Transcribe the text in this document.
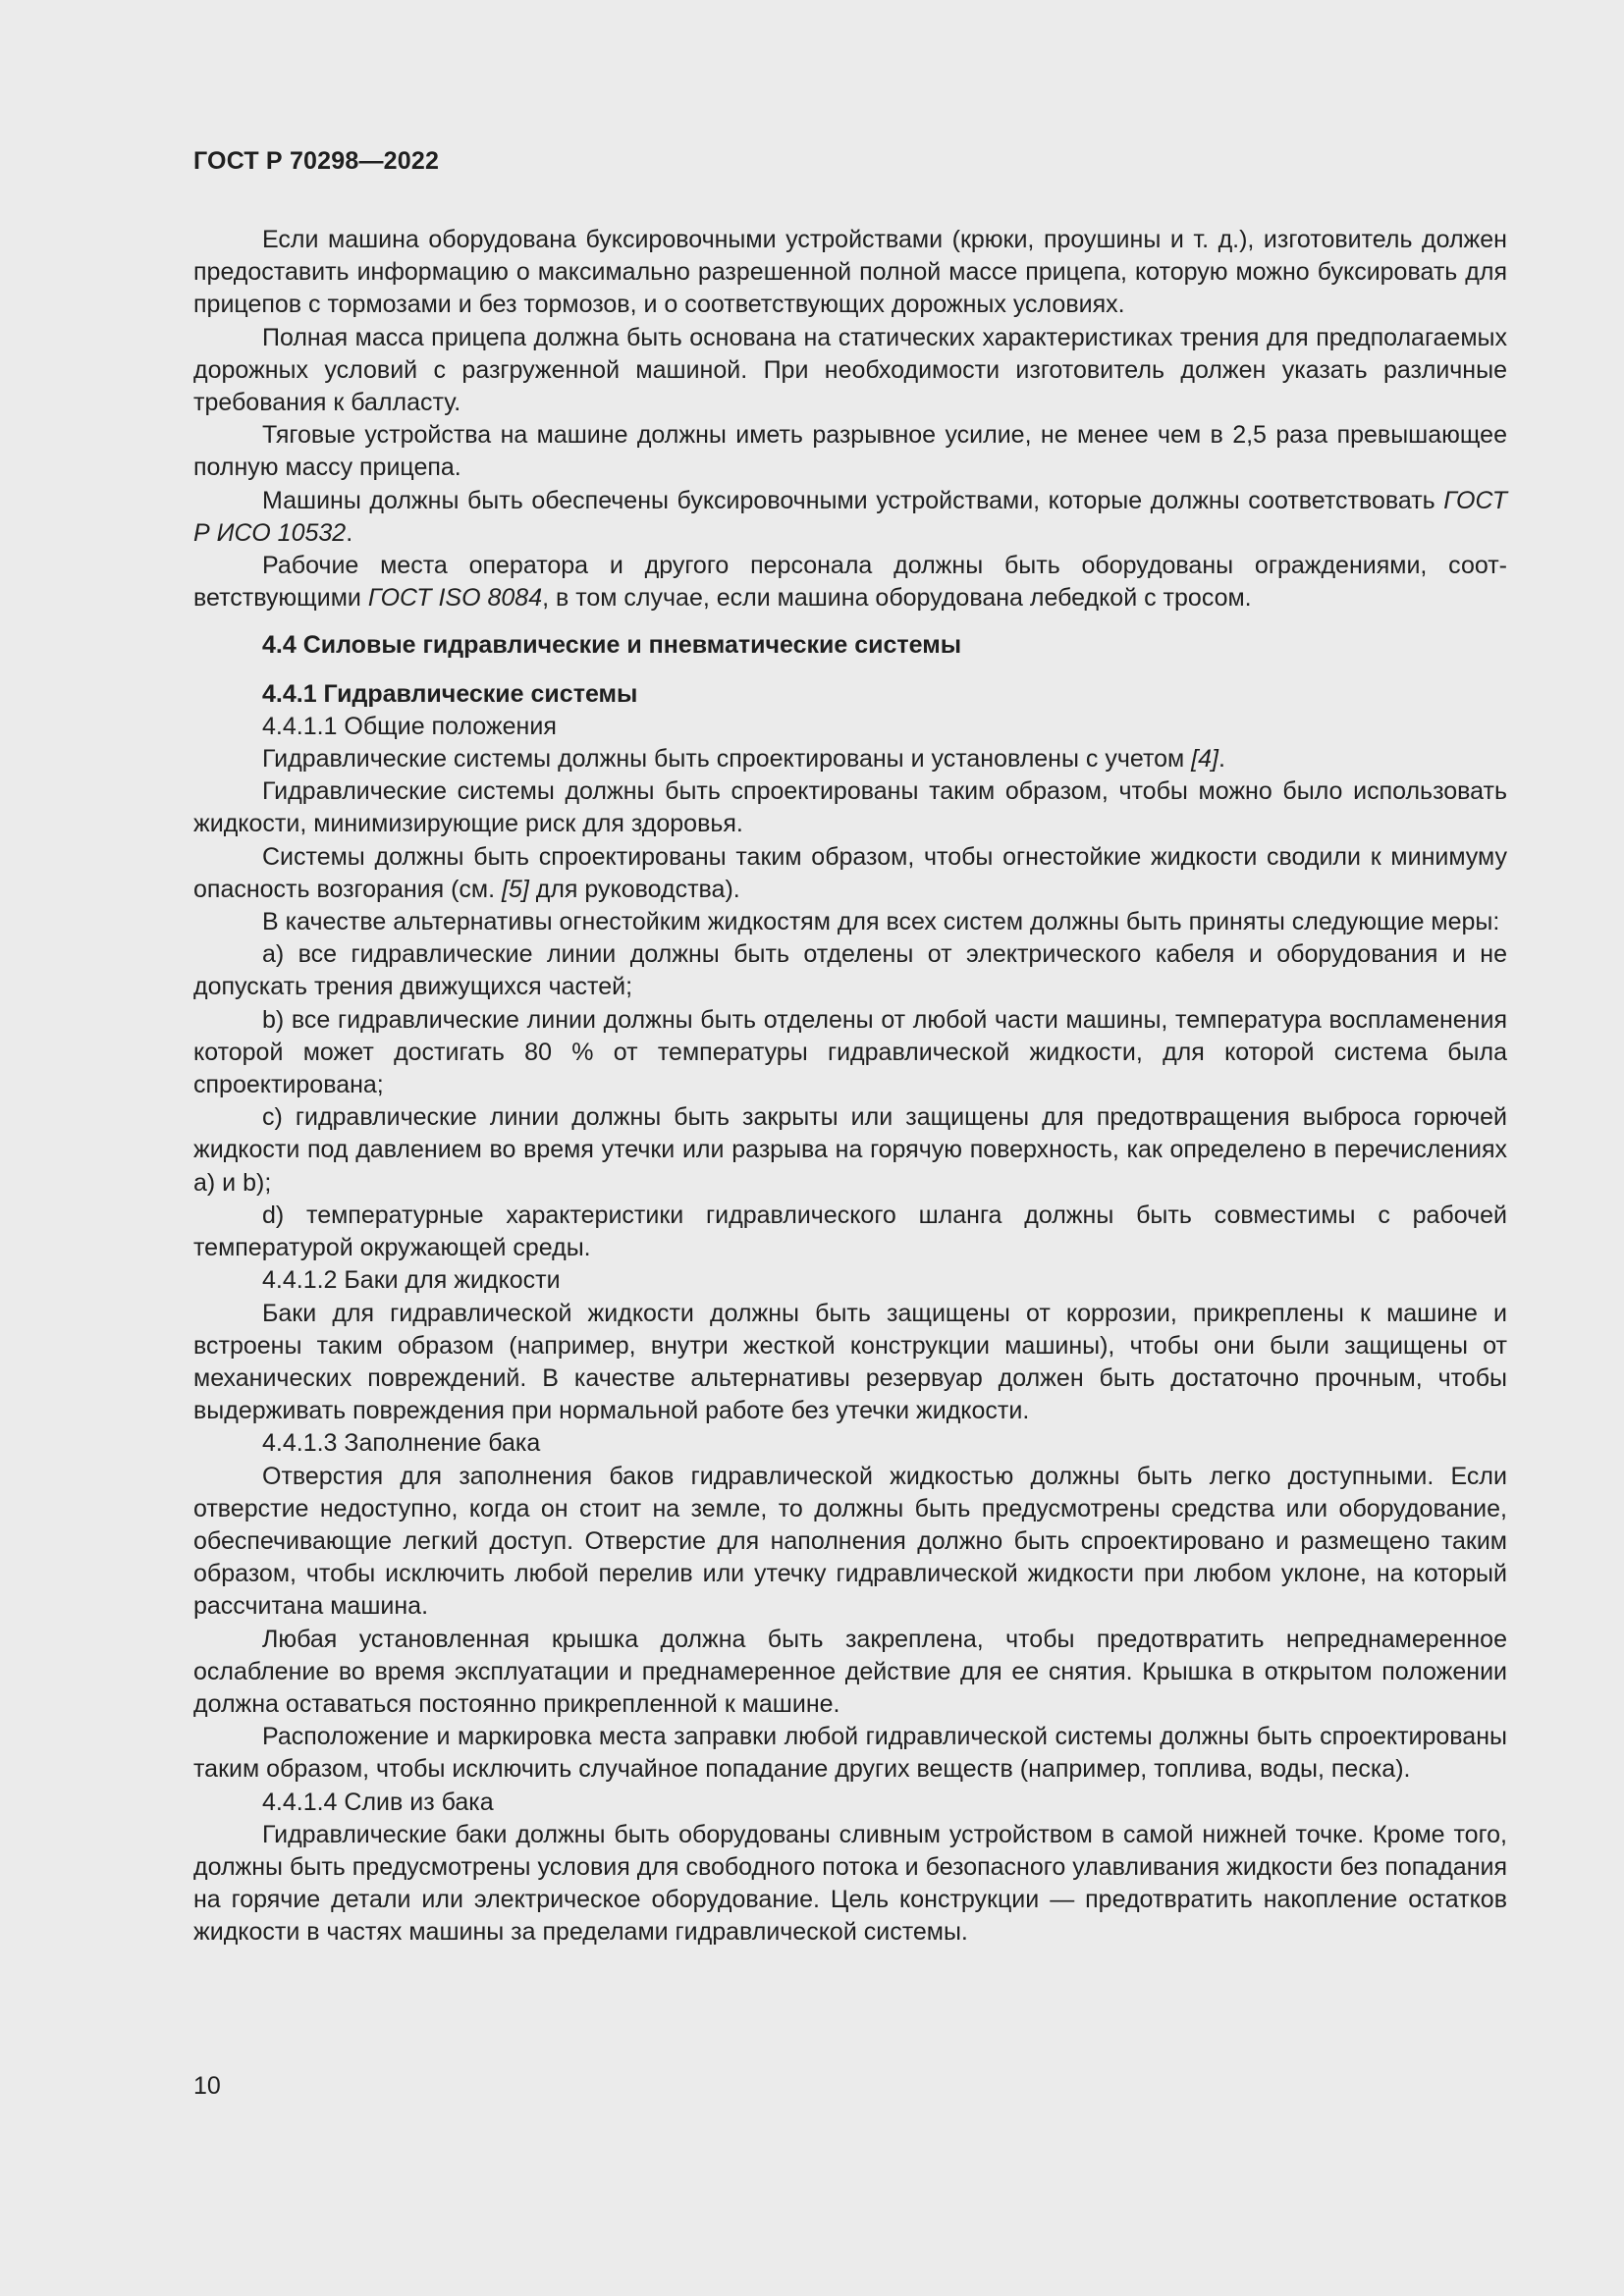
ГОСТ Р 70298—2022

Если машина оборудована буксировочными устройствами (крюки, проушины и т. д.), изготовитель должен предоставить информацию о максимально разрешенной полной массе прицепа, которую можно буксировать для прицепов с тормозами и без тормозов, и о соответствующих дорожных условиях.

Полная масса прицепа должна быть основана на статических характеристиках трения для предполагаемых дорожных условий с разгруженной машиной. При необходимости изготовитель должен указать различные требования к балласту.

Тяговые устройства на машине должны иметь разрывное усилие, не менее чем в 2,5 раза превышающее полную массу прицепа.

Машины должны быть обеспечены буксировочными устройствами, которые должны соответствовать ГОСТ Р ИСО 10532.

Рабочие места оператора и другого персонала должны быть оборудованы ограждениями, соответствующими ГОСТ ISO 8084, в том случае, если машина оборудована лебедкой с тросом.

4.4 Силовые гидравлические и пневматические системы
4.4.1 Гидравлические системы

4.4.1.1 Общие положения

Гидравлические системы должны быть спроектированы и установлены с учетом [4].

Гидравлические системы должны быть спроектированы таким образом, чтобы можно было использовать жидкости, минимизирующие риск для здоровья.

Системы должны быть спроектированы таким образом, чтобы огнестойкие жидкости сводили к минимуму опасность возгорания (см. [5] для руководства).

В качестве альтернативы огнестойким жидкостям для всех систем должны быть приняты следующие меры:

a) все гидравлические линии должны быть отделены от электрического кабеля и оборудования и не допускать трения движущихся частей;

b) все гидравлические линии должны быть отделены от любой части машины, температура воспламенения которой может достигать 80 % от температуры гидравлической жидкости, для которой система была спроектирована;

c) гидравлические линии должны быть закрыты или защищены для предотвращения выброса горючей жидкости под давлением во время утечки или разрыва на горячую поверхность, как определено в перечислениях a) и b);

d) температурные характеристики гидравлического шланга должны быть совместимы с рабочей температурой окружающей среды.

4.4.1.2 Баки для жидкости

Баки для гидравлической жидкости должны быть защищены от коррозии, прикреплены к машине и встроены таким образом (например, внутри жесткой конструкции машины), чтобы они были защищены от механических повреждений. В качестве альтернативы резервуар должен быть достаточно прочным, чтобы выдерживать повреждения при нормальной работе без утечки жидкости.

4.4.1.3 Заполнение бака

Отверстия для заполнения баков гидравлической жидкостью должны быть легко доступными. Если отверстие недоступно, когда он стоит на земле, то должны быть предусмотрены средства или оборудование, обеспечивающие легкий доступ. Отверстие для наполнения должно быть спроектировано и размещено таким образом, чтобы исключить любой перелив или утечку гидравлической жидкости при любом уклоне, на который рассчитана машина.

Любая установленная крышка должна быть закреплена, чтобы предотвратить непреднамеренное ослабление во время эксплуатации и преднамеренное действие для ее снятия. Крышка в открытом положении должна оставаться постоянно прикрепленной к машине.

Расположение и маркировка места заправки любой гидравлической системы должны быть спроектированы таким образом, чтобы исключить случайное попадание других веществ (например, топлива, воды, песка).

4.4.1.4 Слив из бака

Гидравлические баки должны быть оборудованы сливным устройством в самой нижней точке. Кроме того, должны быть предусмотрены условия для свободного потока и безопасного улавливания жидкости без попадания на горячие детали или электрическое оборудование. Цель конструкции — предотвратить накопление остатков жидкости в частях машины за пределами гидравлической системы.

10
